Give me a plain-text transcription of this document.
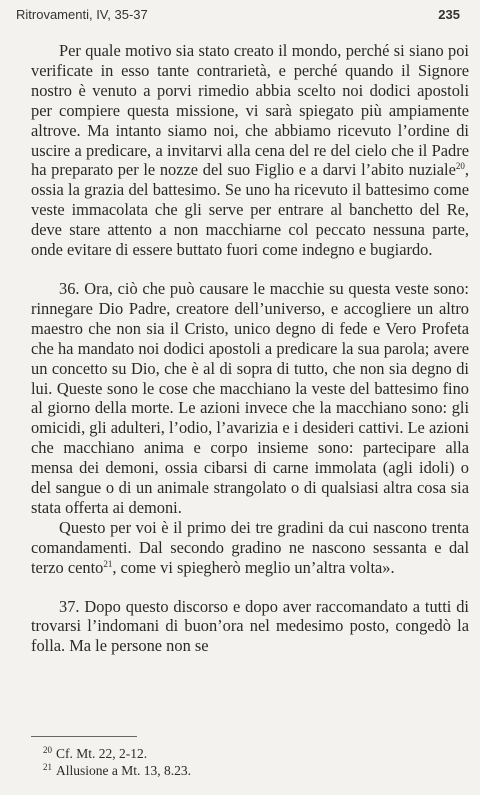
Ritrovamenti, IV, 35-37	235

Per quale motivo sia stato creato il mondo, perché si siano poi verificate in esso tante contrarietà, e perché quando il Signore nostro è venuto a porvi rimedio abbia scelto noi dodici apostoli per compiere questa missione, vi sarà spiegato più ampiamente altrove. Ma intanto siamo noi, che abbiamo ricevuto l’ordine di uscire a predicare, a invitarvi alla cena del re del cielo che il Padre ha preparato per le nozze del suo Figlio e a darvi l’abito nuziale$^{20}$, ossia la grazia del battesimo. Se uno ha ricevuto il battesimo come veste immacolata che gli serve per entrare al banchetto del Re, deve stare attento a non macchiarne col peccato nessuna parte, onde evitare di essere buttato fuori come indegno e bugiardo.

36. Ora, ciò che può causare le macchie su questa veste sono: rinnegare Dio Padre, creatore dell’universo, e accogliere un altro maestro che non sia il Cristo, unico degno di fede e Vero Profeta che ha mandato noi dodici apostoli a predicare la sua parola; avere un concetto su Dio, che è al di sopra di tutto, che non sia degno di lui. Queste sono le cose che macchiano la veste del battesimo fino al giorno della morte. Le azioni invece che la macchiano sono: gli omicidi, gli adulteri, l’odio, l’avarizia e i desideri cattivi. Le azioni che macchiano anima e corpo insieme sono: partecipare alla mensa dei demoni, ossia cibarsi di carne immolata (agli idoli) o del sangue o di un animale strangolato o di qualsiasi altra cosa sia stata offerta ai demoni.

Questo per voi è il primo dei tre gradini da cui nascono trenta comandamenti. Dal secondo gradino ne nascono sessanta e dal terzo cento$^{21}$, come vi spiegherò meglio un’altra volta».

37. Dopo questo discorso e dopo aver raccomandato a tutti di trovarsi l’indomani di buon’ora nel medesimo posto, congedò la folla. Ma le persone non se

$^{20}$ Cf. Mt. 22, 2-12.
$^{21}$ Allusione a Mt. 13, 8.23.
